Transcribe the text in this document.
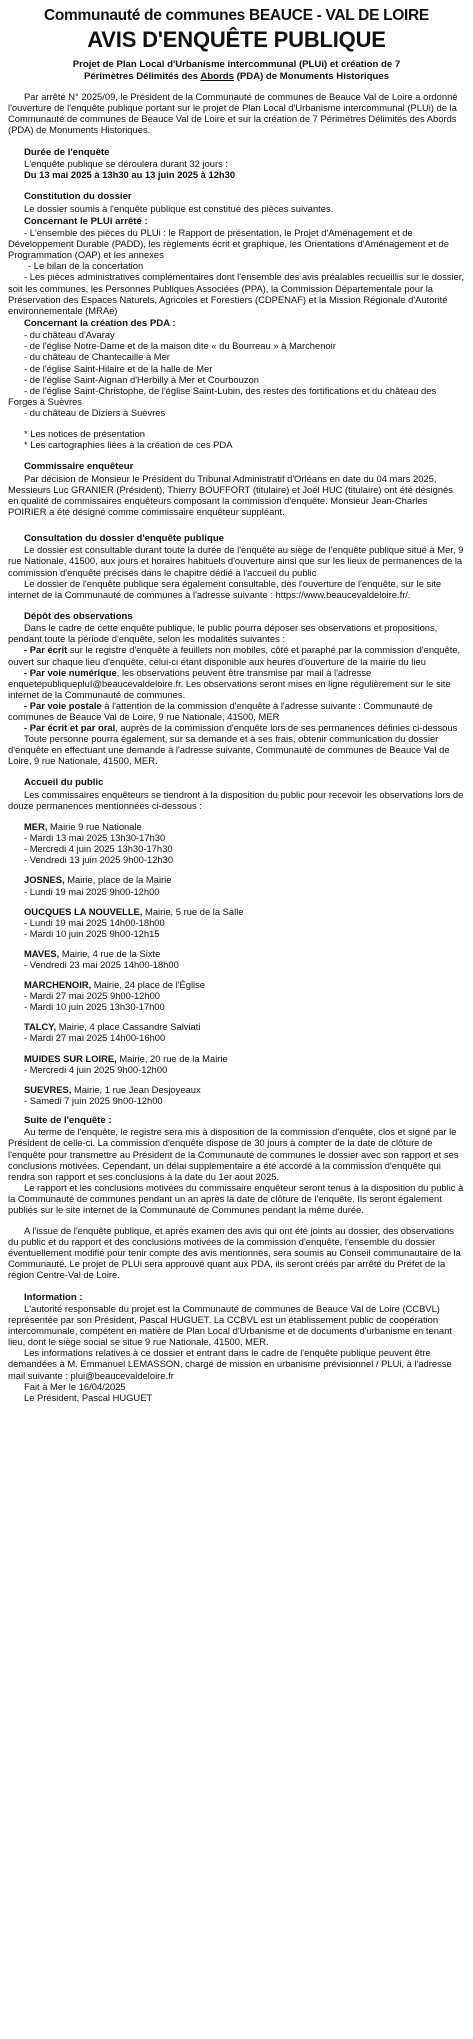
Communauté de communes BEAUCE - VAL DE LOIRE
AVIS D'ENQUÊTE PUBLIQUE
Projet de Plan Local d'Urbanisme intercommunal (PLUi) et création de 7
Périmètres Délimités des Abords (PDA) de Monuments Historiques

Par arrêté N° 2025/09, le Président de la Communauté de communes de Beauce Val de Loire a ordonné l'ouverture de l'enquête publique portant sur le projet de Plan Local d'Urbanisme intercommunal (PLUi) de la Communauté de communes de Beauce Val de Loire et sur la création de 7 Périmètres Délimités des Abords (PDA) de Monuments Historiques.

Durée de l'enquête

L'enquête publique se déroulera durant 32 jours :

Du 13 mai 2025 à 13h30 au 13 juin 2025 à 12h30

Constitution du dossier

Le dossier soumis à l'enquête publique est constitué des pièces suivantes.

Concernant le PLUi arrêté :

- L'ensemble des pièces du PLUi : le Rapport de présentation, le Projet d'Aménagement et de Développement Durable (PADD), les règlements écrit et graphique, les Orientations d'Aménagement et de Programmation (OAP) et les annexes

- Le bilan de la concertation

- Les pièces administratives complémentaires dont l'ensemble des avis préalables recueillis sur le dossier, soit les communes, les Personnes Publiques Associées (PPA), la Commission Départementale pour la Préservation des Espaces Naturels, Agricoles et Forestiers (CDPENAF) et la Mission Régionale d'Autorité environnementale (MRAe)

Concernant la création des PDA :

- du château d'Avaray

- de l'église Notre-Dame et de la maison dite « du Bourreau » à Marchenoir

- du château de Chantecaille à Mer

- de l'église Saint-Hilaire et de la halle de Mer

- de l'église Saint-Aignan d'Herbilly à Mer et Courbouzon

- de l'église Saint-Christophe, de l'église Saint-Lubin, des restes des fortifications et du château des Forges à Suèvres

- du château de Diziers à Suèvres

* Les notices de présentation

* Les cartographies liées à la création de ces PDA

Commissaire enquêteur

Par décision de Monsieur le Président du Tribunal Administratif d'Orléans en date du 04 mars 2025, Messieurs Luc GRANIER (Président), Thierry BOUFFORT (titulaire) et Joël HUC (titulaire) ont été désignés en qualité de commissaires enquêteurs composant la commission d'enquête. Monsieur Jean-Charles POIRIER a été désigné comme commissaire enquêteur suppléant.

Consultation du dossier d'enquête publique

Le dossier est consultable durant toute la durée de l'enquête au siège de l'enquête publique situé à Mer, 9 rue Nationale, 41500, aux jours et horaires habituels d'ouverture ainsi que sur les lieux de permanences de la commission d'enquête précisés dans le chapitre dédié à l'accueil du public

Le dossier de l'enquête publique sera également consultable, dès l'ouverture de l'enquête, sur le site internet de la Communauté de communes à l'adresse suivante : https://www.beaucevaldeloire.fr/.

Dépôt des observations

Dans le cadre de cette enquête publique, le public pourra déposer ses observations et propositions, pendant toute la période d'enquête, selon les modalités suivantes :

- Par écrit sur le registre d'enquête à feuillets non mobiles, côté et paraphé par la commission d'enquête, ouvert sur chaque lieu d'enquête, celui-ci étant disponible aux heures d'ouverture de la mairie du lieu

- Par voie numérique, les observations peuvent être transmise par mail à l'adresse enquetepubliquepluI@beaucevaldeloire.fr. Les observations seront mises en ligne régulièrement sur le site internet de la Communauté de communes.

- Par voie postale à l'attention de la commission d'enquête à l'adresse suivante : Communauté de communes de Beauce Val de Loire, 9 rue Nationale, 41500, MER

- Par écrit et par oral, auprès de la commission d'enquête lors de ses permanences définies ci-dessous

Toute personne pourra également, sur sa demande et à ses frais, obtenir communication du dossier d'enquête en effectuant une demande à l'adresse suivante, Communauté de communes de Beauce Val de Loire, 9 rue Nationale, 41500, MER.

Accueil du public

Les commissaires enquêteurs se tiendront à la disposition du public pour recevoir les observations lors de douze permanences mentionnées ci-dessous :

MER, Mairie 9 rue Nationale

- Mardi 13 mai 2025 13h30-17h30

- Mercredi 4 juin 2025 13h30-17h30

- Vendredi 13 juin 2025 9h00-12h30

JOSNES, Mairie, place de la Mairie

- Lundi 19 mai 2025 9h00-12h00

OUCQUES LA NOUVELLE, Mairie, 5 rue de la Salle

- Lundi 19 mai 2025 14h00-18h00

- Mardi 10 juin 2025 9h00-12h15

MAVES, Mairie, 4 rue de la Sixte

- Vendredi 23 mai 2025 14h00-18h00

MARCHENOIR, Mairie, 24 place de l'Église

- Mardi 27 mai 2025 9h00-12h00

- Mardi 10 juin 2025 13h30-17h00

TALCY, Mairie, 4 place Cassandre Salviati

- Mardi 27 mai 2025 14h00-16h00

MUIDES SUR LOIRE, Mairie, 20 rue de la Mairie

- Mercredi 4 juin 2025 9h00-12h00

SUEVRES, Mairie, 1 rue Jean Desjoyeaux

- Samedi 7 juin 2025 9h00-12h00

Suite de l'enquête :

Au terme de l'enquête, le registre sera mis à disposition de la commission d'enquête, clos et signé par le Président de celle-ci. La commission d'enquête dispose de 30 jours à compter de la date de clôture de l'enquête pour transmettre au Président de la Communauté de communes le dossier avec son rapport et ses conclusions motivées. Cependant, un délai supplémentaire a été accordé à la commission d'enquête qui rendra son rapport et ses conclusions à la date du 1er aout 2025.

Le rapport et les conclusions motivées du commissaire enquêteur seront tenus à la disposition du public à la Communauté de communes pendant un an après la date de clôture de l'enquête. Ils seront également publiés sur le site internet de la Communauté de Communes pendant la même durée.

A l'issue de l'enquête publique, et après examen des avis qui ont été joints au dossier, des observations du public et du rapport et des conclusions motivées de la commission d'enquête, l'ensemble du dossier éventuellement modifié pour tenir compte des avis mentionnés, sera soumis au Conseil communautaire de la Communauté. Le projet de PLUi sera approuvé quant aux PDA, ils seront créés par arrêté du Préfet de la région Centre-Val de Loire.

Information :

L'autorité responsable du projet est la Communauté de communes de Beauce Val de Loire (CCBVL) représentée par son Président, Pascal HUGUET. La CCBVL est un établissement public de coopération intercommunale, compétent en matière de Plan Local d'Urbanisme et de documents d'urbanisme en tenant lieu, dont le siège social se situe 9 rue Nationale, 41500, MER.

Les informations relatives à ce dossier et entrant dans le cadre de l'enquête publique peuvent être demandées à M. Emmanuel LEMASSON, chargé de mission en urbanisme prévisionnel / PLUi, à l'adresse mail suivante : plui@beaucevaldeloire.fr

Fait à Mer le 16/04/2025

Le Président, Pascal HUGUET
